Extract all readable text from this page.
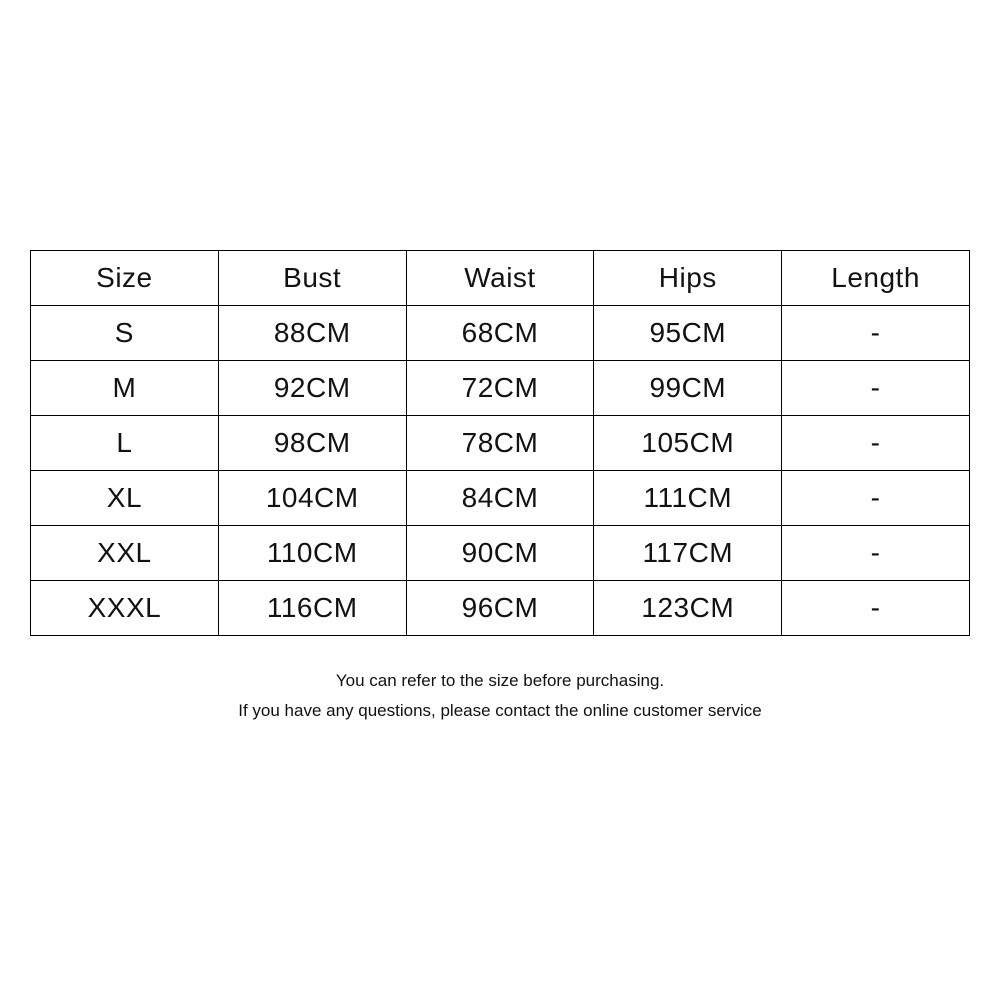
Size	Bust	Waist	Hips	Length
S	88CM	68CM	95CM	-
M	92CM	72CM	99CM	-
L	98CM	78CM	105CM	-
XL	104CM	84CM	111CM	-
XXL	110CM	90CM	117CM	-
XXXL	116CM	96CM	123CM	-
You can refer to the size before purchasing.
If you have any questions, please contact the online customer service
